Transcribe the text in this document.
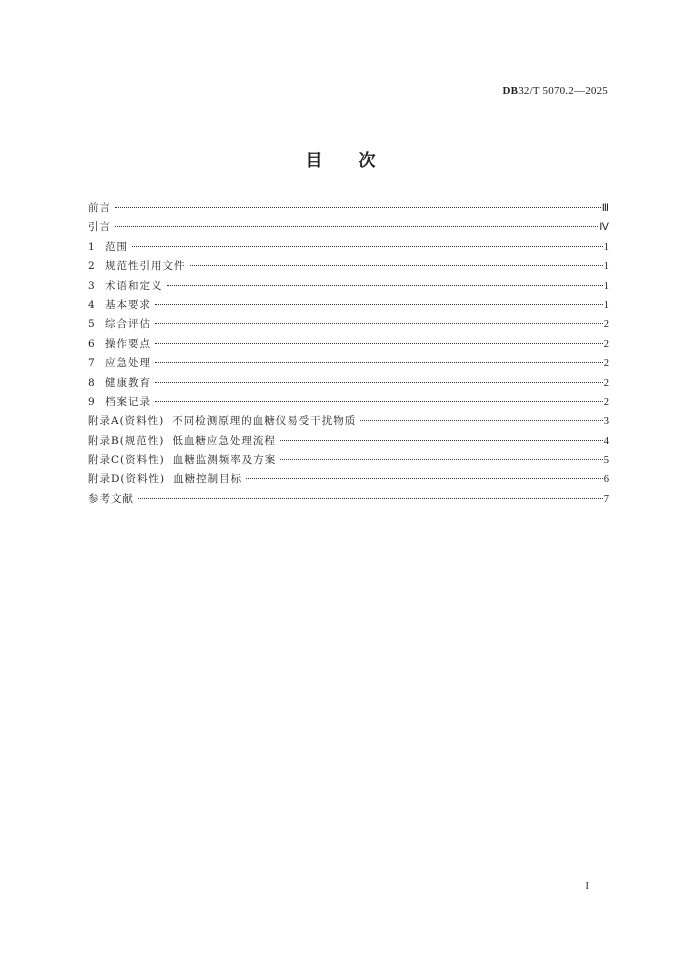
DB32/T 5070.2—2025
目次
前言	Ⅲ
引言	Ⅳ
1 范围	1
2 规范性引用文件	1
3 术语和定义	1
4 基本要求	1
5 综合评估	2
6 操作要点	2
7 应急处理	2
8 健康教育	2
9 档案记录	2
附录A(资料性) 不同检测原理的血糖仪易受干扰物质	3
附录B(规范性) 低血糖应急处理流程	4
附录C(资料性) 血糖监测频率及方案	5
附录D(资料性) 血糖控制目标	6
参考文献	7
I
